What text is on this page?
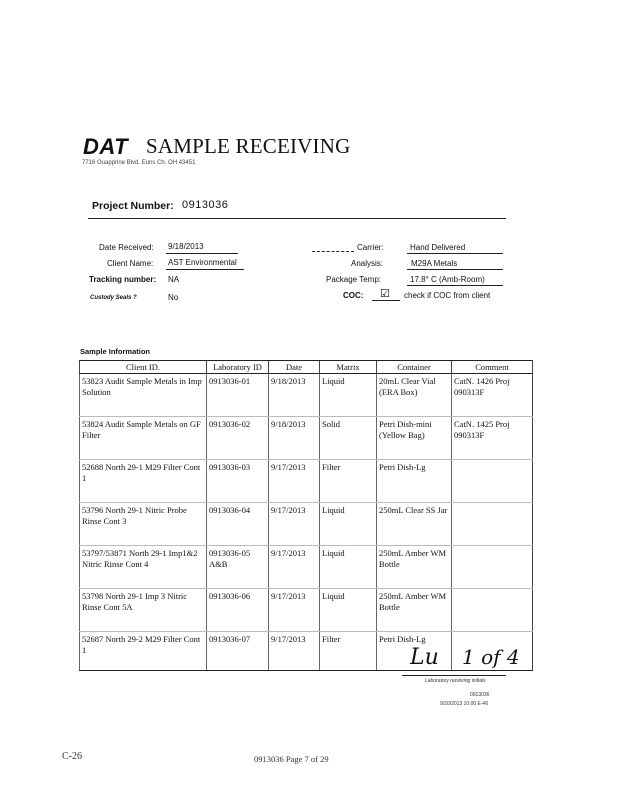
DAT SAMPLE RECEIVING
7716 Ouapprine Blvd. Euns Ch. OH 43451
Project Number: 0913036
Date Received: 9/18/2013
Client Name: AST Environmental
Tracking number: NA
Custody Seals ?	No
Carrier:	Hand Delivered
Analysis:	M29A Metals
Package Temp:	17.8° C (Amb-Room)
COC: ☑ check if COC from client
Sample Information
Client ID.	Laboratory ID	Date	Matrix	Container	Comment
53823 Audit Sample Metals in Imp Solution	0913036-01	9/18/2013	Liquid	20mL Clear Vial (ERA Box)	CatN. 1426 Proj 090313F
53824 Audit Sample Metals on GF Filter	0913036-02	9/18/2013	Solid	Petri Dish-mini (Yellow Bag)	CatN. 1425 Proj 090313F
52688 North 29-1 M29 Filter Cont 1	0913036-03	9/17/2013	Filter	Petri Dish-Lg	
53796 North 29-1 Nitric Probe Rinse Cont 3	0913036-04	9/17/2013	Liquid	250mL Clear SS Jar	
53797/53871 North 29-1 Imp1&2 Nitric Rinse Cont 4	0913036-05 A&B	9/17/2013	Liquid	250mL Amber WM Bottle	
53798 North 29-1 Imp 3 Nitric Rinse Cont 5A	0913036-06	9/17/2013	Liquid	250mL Amber WM Bottle	
52687 North 29-2 M29 Filter Cont 1	0913036-07	9/17/2013	Filter	Petri Dish-Lg	
Lu 1 of 4
Laboratory receiving initials
0913036
9/20/2013 10:00 E-46
C-26	0913036 Page 7 of 29
